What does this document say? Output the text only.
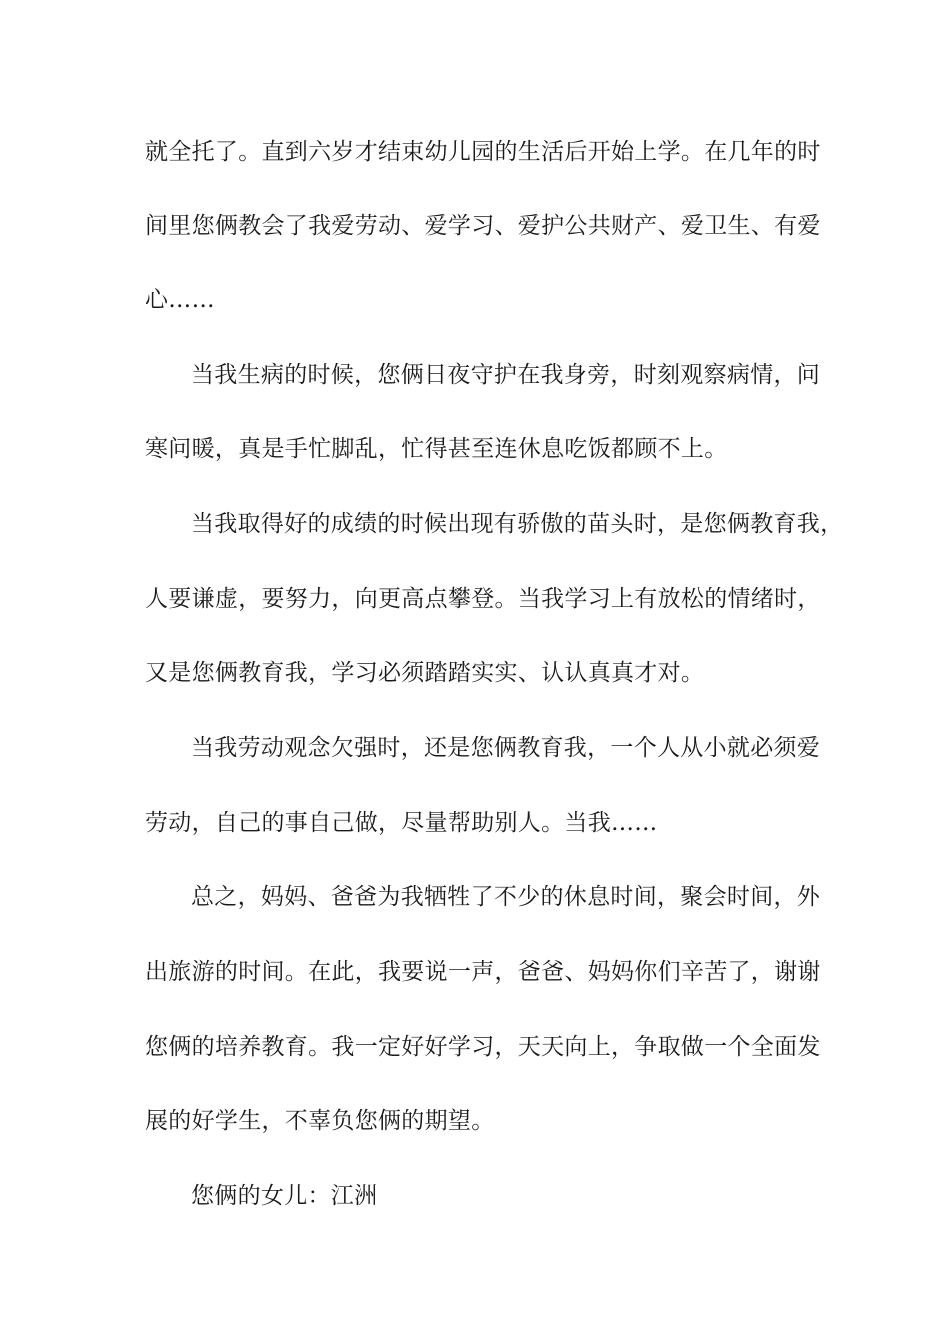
就全托了。直到六岁才结束幼儿园的生活后开始上学。在几年的时
间里您俩教会了我爱劳动、爱学习、爱护公共财产、爱卫生、有爱
心……
当我生病的时候，您俩日夜守护在我身旁，时刻观察病情，问
寒问暖，真是手忙脚乱，忙得甚至连休息吃饭都顾不上。
当我取得好的成绩的时候出现有骄傲的苗头时，是您俩教育我，
人要谦虚，要努力，向更高点攀登。当我学习上有放松的情绪时，
又是您俩教育我，学习必须踏踏实实、认认真真才对。
当我劳动观念欠强时，还是您俩教育我，一个人从小就必须爱
劳动，自己的事自己做，尽量帮助别人。当我……
总之，妈妈、爸爸为我牺牲了不少的休息时间，聚会时间，外
出旅游的时间。在此，我要说一声，爸爸、妈妈你们辛苦了，谢谢
您俩的培养教育。我一定好好学习，天天向上，争取做一个全面发
展的好学生，不辜负您俩的期望。
您俩的女儿：江洲
